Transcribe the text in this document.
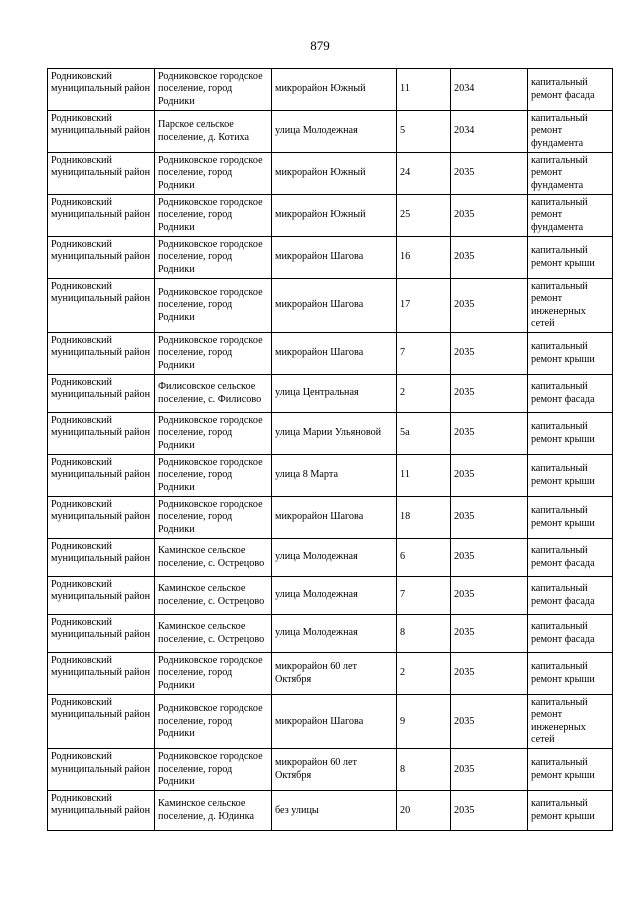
879
Родниковский муниципальный район	Родниковское городское поселение, город Родники	микрорайон Южный	11	2034	капитальный ремонт фасада
Родниковский муниципальный район	Парское сельское поселение, д. Котиха	улица Молодежная	5	2034	капитальный ремонт фундамента
Родниковский муниципальный район	Родниковское городское поселение, город Родники	микрорайон Южный	24	2035	капитальный ремонт фундамента
Родниковский муниципальный район	Родниковское городское поселение, город Родники	микрорайон Южный	25	2035	капитальный ремонт фундамента
Родниковский муниципальный район	Родниковское городское поселение, город Родники	микрорайон Шагова	16	2035	капитальный ремонт крыши
Родниковский муниципальный район	Родниковское городское поселение, город Родники	микрорайон Шагова	17	2035	капитальный ремонт инженерных сетей
Родниковский муниципальный район	Родниковское городское поселение, город Родники	микрорайон Шагова	7	2035	капитальный ремонт крыши
Родниковский муниципальный район	Филисовское сельское поселение, с. Филисово	улица Центральная	2	2035	капитальный ремонт фасада
Родниковский муниципальный район	Родниковское городское поселение, город Родники	улица Марии Ульяновой	5а	2035	капитальный ремонт крыши
Родниковский муниципальный район	Родниковское городское поселение, город Родники	улица 8 Марта	11	2035	капитальный ремонт крыши
Родниковский муниципальный район	Родниковское городское поселение, город Родники	микрорайон Шагова	18	2035	капитальный ремонт крыши
Родниковский муниципальный район	Каминское сельское поселение, с. Острецово	улица Молодежная	6	2035	капитальный ремонт фасада
Родниковский муниципальный район	Каминское сельское поселение, с. Острецово	улица Молодежная	7	2035	капитальный ремонт фасада
Родниковский муниципальный район	Каминское сельское поселение, с. Острецово	улица Молодежная	8	2035	капитальный ремонт фасада
Родниковский муниципальный район	Родниковское городское поселение, город Родники	микрорайон 60 лет Октября	2	2035	капитальный ремонт крыши
Родниковский муниципальный район	Родниковское городское поселение, город Родники	микрорайон Шагова	9	2035	капитальный ремонт инженерных сетей
Родниковский муниципальный район	Родниковское городское поселение, город Родники	микрорайон 60 лет Октября	8	2035	капитальный ремонт крыши
Родниковский муниципальный район	Каминское сельское поселение, д. Юдинка	без улицы	20	2035	капитальный ремонт крыши
